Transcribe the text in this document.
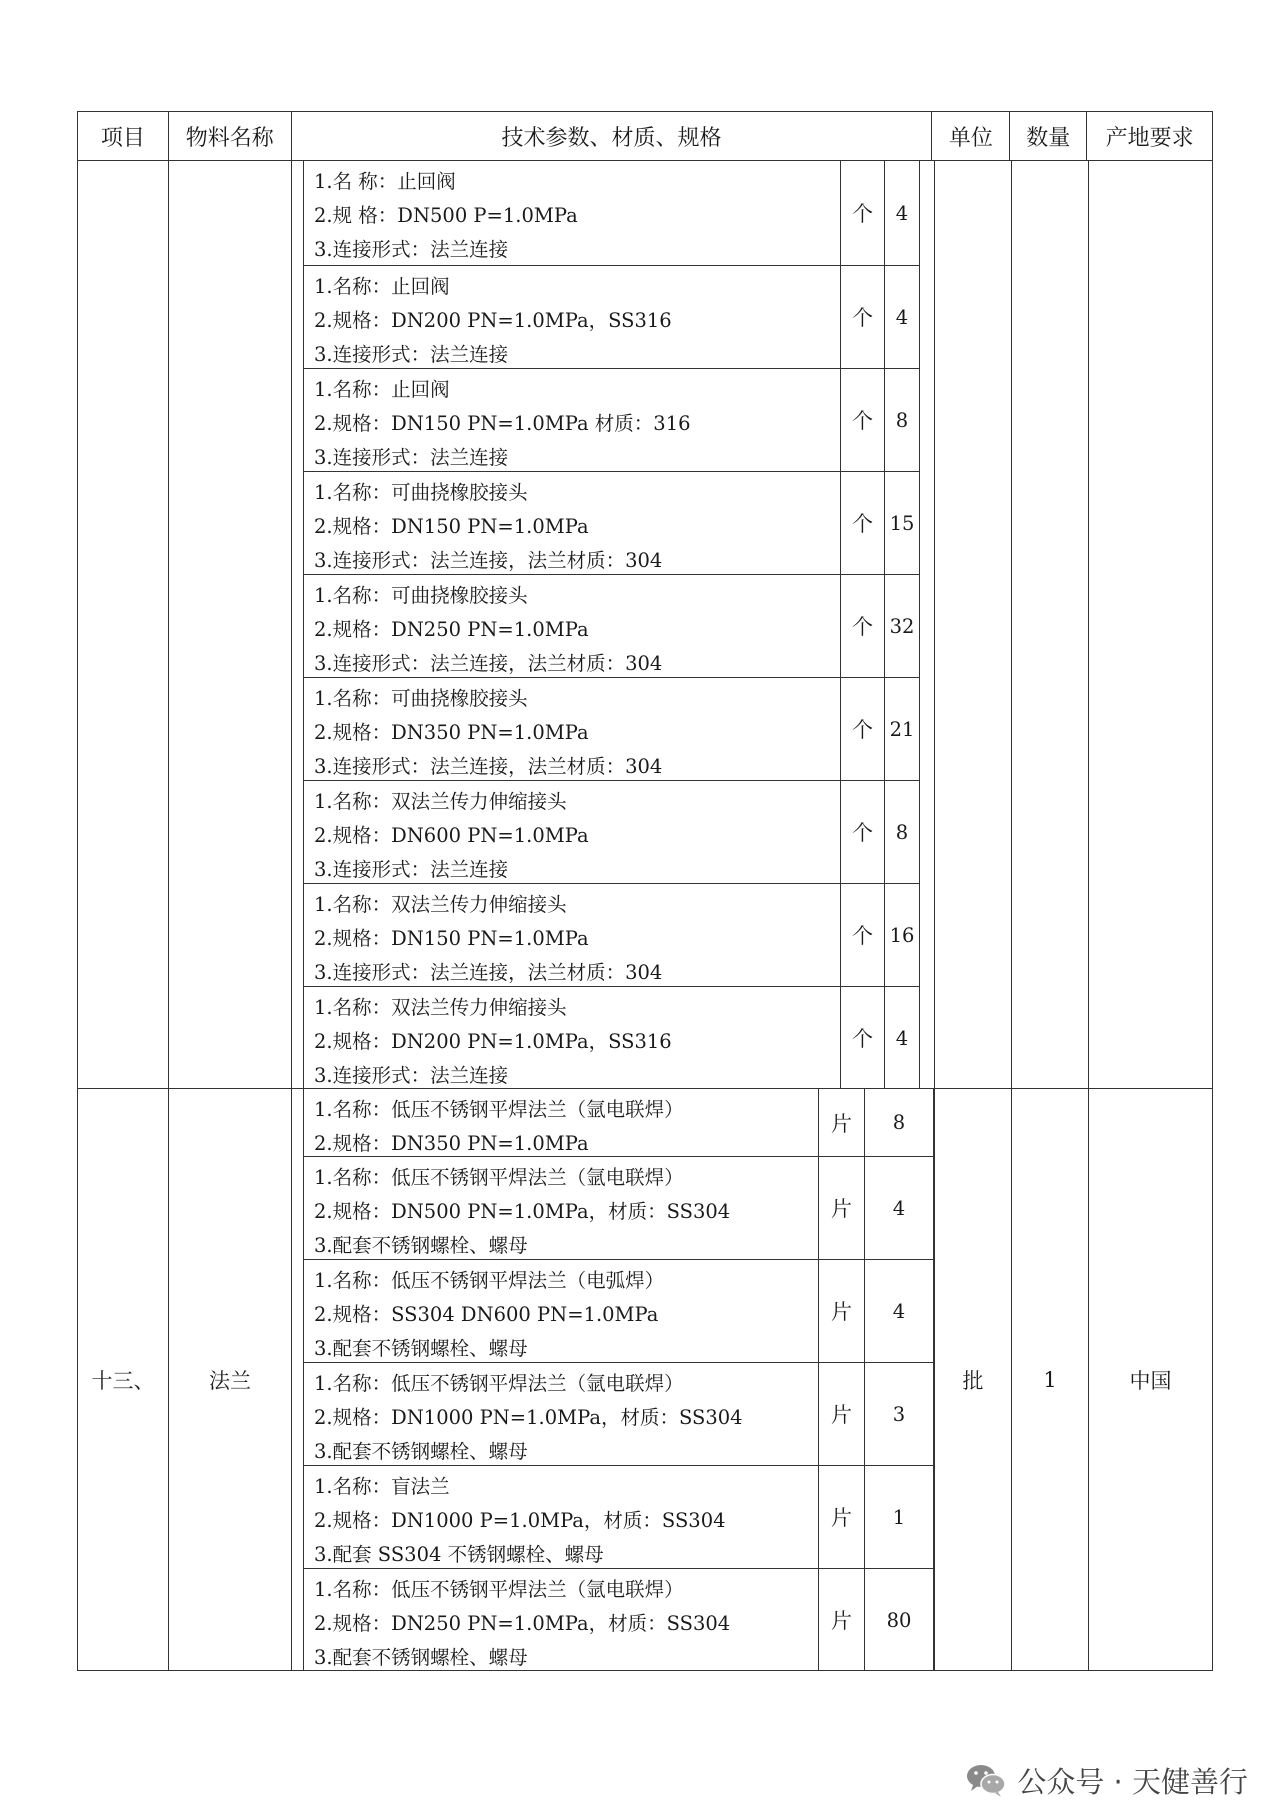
项目	物料名称	技术参数、材质、规格	单位	数量	产地要求
1.名 称：止回阀
2.规 格：DN500 P=1.0MPa
3.连接形式：法兰连接
个	4
1.名称：止回阀
2.规格：DN200 PN=1.0MPa，SS316
3.连接形式：法兰连接
个	4
1.名称：止回阀
2.规格：DN150 PN=1.0MPa 材质：316
3.连接形式：法兰连接
个	8
1.名称：可曲挠橡胶接头
2.规格：DN150 PN=1.0MPa
3.连接形式：法兰连接，法兰材质：304
个 15
1.名称：可曲挠橡胶接头
2.规格：DN250 PN=1.0MPa
3.连接形式：法兰连接，法兰材质：304
个 32
1.名称：可曲挠橡胶接头
2.规格：DN350 PN=1.0MPa
3.连接形式：法兰连接，法兰材质：304
个 21
1.名称：双法兰传力伸缩接头
2.规格：DN600 PN=1.0MPa
3.连接形式：法兰连接
个	8
1.名称：双法兰传力伸缩接头
2.规格：DN150 PN=1.0MPa
3.连接形式：法兰连接，法兰材质：304
个 16
1.名称：双法兰传力伸缩接头
2.规格：DN200 PN=1.0MPa，SS316
3.连接形式：法兰连接
个	4
十三、	法兰	批	1	中国
1.名称：低压不锈钢平焊法兰（氩电联焊）
2.规格：DN350 PN=1.0MPa
片	8
1.名称：低压不锈钢平焊法兰（氩电联焊）
2.规格：DN500 PN=1.0MPa，材质：SS304
3.配套不锈钢螺栓、螺母
片	4
1.名称：低压不锈钢平焊法兰（电弧焊）
2.规格：SS304 DN600 PN=1.0MPa
3.配套不锈钢螺栓、螺母
片	4
1.名称：低压不锈钢平焊法兰（氩电联焊）
2.规格：DN1000 PN=1.0MPa，材质：SS304
3.配套不锈钢螺栓、螺母
片	3
1.名称：盲法兰
2.规格：DN1000 P=1.0MPa，材质：SS304
3.配套 SS304 不锈钢螺栓、螺母
片	1
1.名称：低压不锈钢平焊法兰（氩电联焊）
2.规格：DN250 PN=1.0MPa，材质：SS304
3.配套不锈钢螺栓、螺母
片	80
公众号 · 天健善行
